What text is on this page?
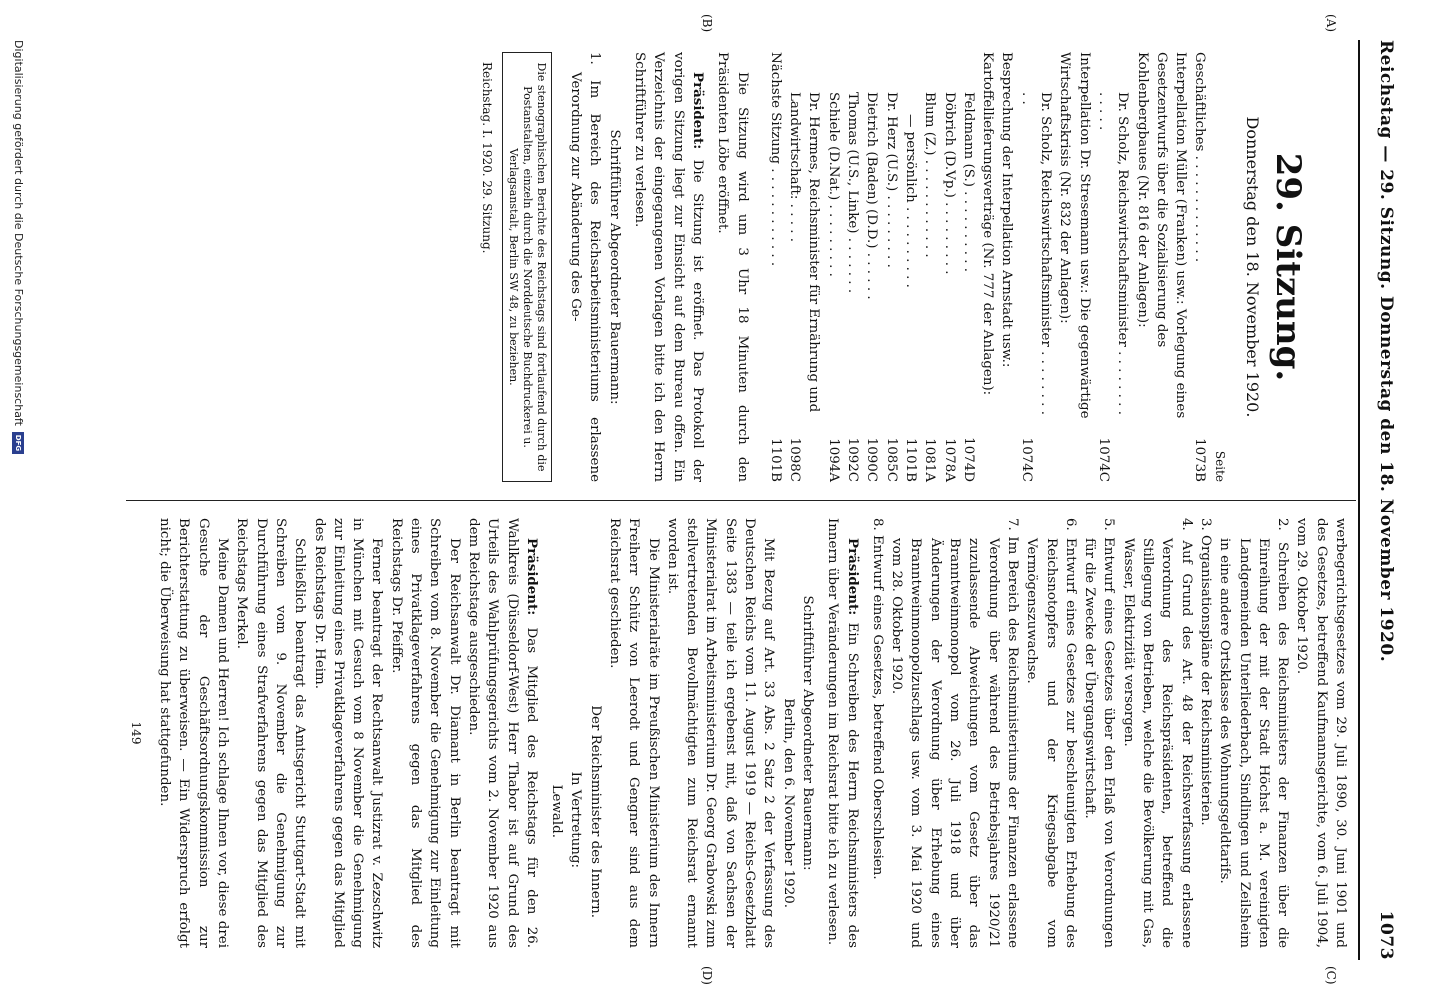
Reichstag — 29. Sitzung. Donnerstag den 18. November 1920.
1073
(A)
(B)
(C)
(D)
29. Sitzung.
Donnerstag den 18. November 1920.
Seite
Geschäftliches . . . . . . . . . . . . .
1073B
Interpellation Müller (Franken) usw.: Vorlegung eines Gesetzentwurfs über die Sozialisierung des Kohlenbergbaues (Nr. 816 der Anlagen):
Dr. Scholz, Reichswirtschaftsminister . . . . . . . . . . . . .
1074C
Interpellation Dr. Stresemann usw.: Die gegenwärtige Wirtschaftskrisis (Nr. 832 der Anlagen):
Dr. Scholz, Reichswirtschaftsminister . . . . . . . . . .
1074C
Besprechung der Interpellation Arnstadt usw.: Kartoffellieferungsverträge (Nr. 777 der Anlagen):
Feldmann (S.) . . . . . . . . . .
1074D
Döbrich (D.Vp.) . . . . . . . . .
1078A
Blum (Z.) . . . . . . . . . . . .
1081A
— persönlich . . . . . . . . . .
1101B
Dr. Herz (U.S.) . . . . . . . . .
1085C
Dietrich (Baden) (D.D.) . . . . . .
1090C
Thomas (U.S., Linke) . . . . . . .
1092C
Schiele (D.Nat.) . . . . . . . . .
1094A
Dr. Hermes, Reichsminister für Ernährung und Landwirtschaft: . . . . .
1098C
Nächste Sitzung . . . . . . . . . . . .
1101B

Die Sitzung wird um 3 Uhr 18 Minuten durch den Präsidenten Löbe eröffnet.

Präsident: Die Sitzung ist eröffnet. Das Protokoll der vorigen Sitzung liegt zur Einsicht auf dem Bureau offen. Ein Verzeichnis der eingegangenen Vorlagen bitte ich den Herrn Schriftführer zu verlesen.

Schriftführer Abgeordneter Bauermann:

1. Im Bereich des Reichsarbeitsministeriums erlassene Verordnung zur Abänderung des Ge-

Die stenographischen Berichte des Reichstags sind fortlaufend durch die Postanstalten, einzeln durch die Norddeutsche Buchdruckerei u. Verlagsanstalt, Berlin SW 48, zu beziehen.
Reichstag. I. 1920. 29. Sitzung.

werbegerichtsgesetzes vom 29. Juli 1890, 30. Juni 1901 und des Gesetzes, betreffend Kaufmannsgerichte, vom 6. Juli 1904, vom 29. Oktober 1920.

2. Schreiben des Reichsministers der Finanzen über die Einreihung der mit der Stadt Höchst a. M. vereinigten Landgemeinden Unterliederbach, Sindlingen und Zeilsheim in eine andere Ortsklasse des Wohnungsgeldtarifs.

3. Organisationspläne der Reichsministerien.

4. Auf Grund des Art. 48 der Reichsverfassung erlassene Verordnung des Reichspräsidenten, betreffend die Stillegung von Betrieben, welche die Bevölkerung mit Gas, Wasser, Elektrizität versorgen.

5. Entwurf eines Gesetzes über den Erlaß von Verordnungen für die Zwecke der Übergangswirtschaft.

6. Entwurf eines Gesetzes zur beschleunigten Erhebung des Reichsnotopfers und der Kriegsabgabe vom Vermögenszuwachse.

7. Im Bereich des Reichsministeriums der Finanzen erlassene Verordnung über während des Betriebsjahres 1920/21 zuzulassende Abweichungen vom Gesetz über das Branntweinmonopol vom 26. Juli 1918 und über Änderungen der Verordnung über Erhebung eines Branntweinmonopolzuschlags usw. vom 3. Mai 1920 und vom 28. Oktober 1920.

8. Entwurf eines Gesetzes, betreffend Oberschlesien.

Präsident: Ein Schreiben des Herrn Reichsministers des Innern über Veränderungen im Reichsrat bitte ich zu verlesen.

Schriftführer Abgeordneter Bauermann:

Berlin, den 6. November 1920.

Mit Bezug auf Art. 33 Abs. 2 Satz 2 der Verfassung des Deutschen Reichs vom 11. August 1919 — Reichs-Gesetzblatt Seite 1383 — teile ich ergebenst mit, daß von Sachsen der Ministerialrat im Arbeitsministerium Dr. Georg Grabowski zum stellvertretenden Bevollmächtigten zum Reichsrat ernannt worden ist.

Die Ministerialräte im Preußischen Ministerium des Innern Freiherr Schütz von Leerodt und Gengner sind aus dem Reichsrat geschieden.

Der Reichsminister des Innern.

In Vertretung:

Lewald.

Präsident: Das Mitglied des Reichstags für den 26. Wahlkreis (Düsseldorf-West) Herr Thabor ist auf Grund des Urteils des Wahlprüfungsgerichts vom 2. November 1920 aus dem Reichstage ausgeschieden.

Der Reichsanwalt Dr. Diamant in Berlin beantragt mit Schreiben vom 8. November die Genehmigung zur Einleitung eines Privatklageverfahrens gegen das Mitglied des Reichstags Dr. Pfeiffer.

Ferner beantragt der Rechtsanwalt Justizrat v. Zezschwitz in München mit Gesuch vom 8 November die Genehmigung zur Einleitung eines Privatklageverfahrens gegen das Mitglied des Reichstags Dr. Heim.

Schließlich beantragt das Amtsgericht Stuttgart-Stadt mit Schreiben vom 9. November die Genehmigung zur Durchführung eines Strafverfahrens gegen das Mitglied des Reichstags Merkel.

Meine Damen und Herren! Ich schlage Ihnen vor, diese drei Gesuche der Geschäftsordnungskommission zur Berichterstattung zu überweisen. — Ein Widerspruch erfolgt nicht; die Überweisung hat stattgefunden.

149
Digitalisierung gefördert durch die Deutsche Forschungsgemeinschaft
DFG
